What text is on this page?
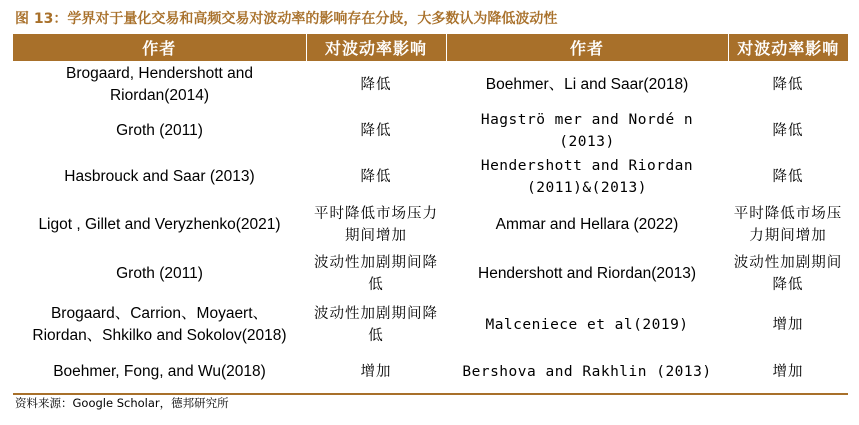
图 13：学界对于量化交易和高频交易对波动率的影响存在分歧，大多数认为降低波动性
作者	对波动率影响	作者	对波动率影响
Brogaard, Hendershott and Riordan(2014)	降低	Boehmer、Li and Saar(2018)	降低
Groth (2011)	降低	Hagströ mer and Nordé n (2013)	降低
Hasbrouck and Saar (2013)	降低	Hendershott and Riordan (2011)&(2013)	降低
Ligot , Gillet and Veryzhenko(2021)	平时降低市场压力期间增加	Ammar and Hellara (2022)	平时降低市场压力期间增加
Groth (2011)	波动性加剧期间降低	Hendershott and Riordan(2013)	波动性加剧期间降低
Brogaard、Carrion、Moyaert、Riordan、Shkilko and Sokolov(2018)	波动性加剧期间降低	Malceniece et al(2019)	增加
Boehmer, Fong, and Wu(2018)	增加	Bershova and Rakhlin (2013)	增加
资料来源：Google Scholar，德邦研究所
